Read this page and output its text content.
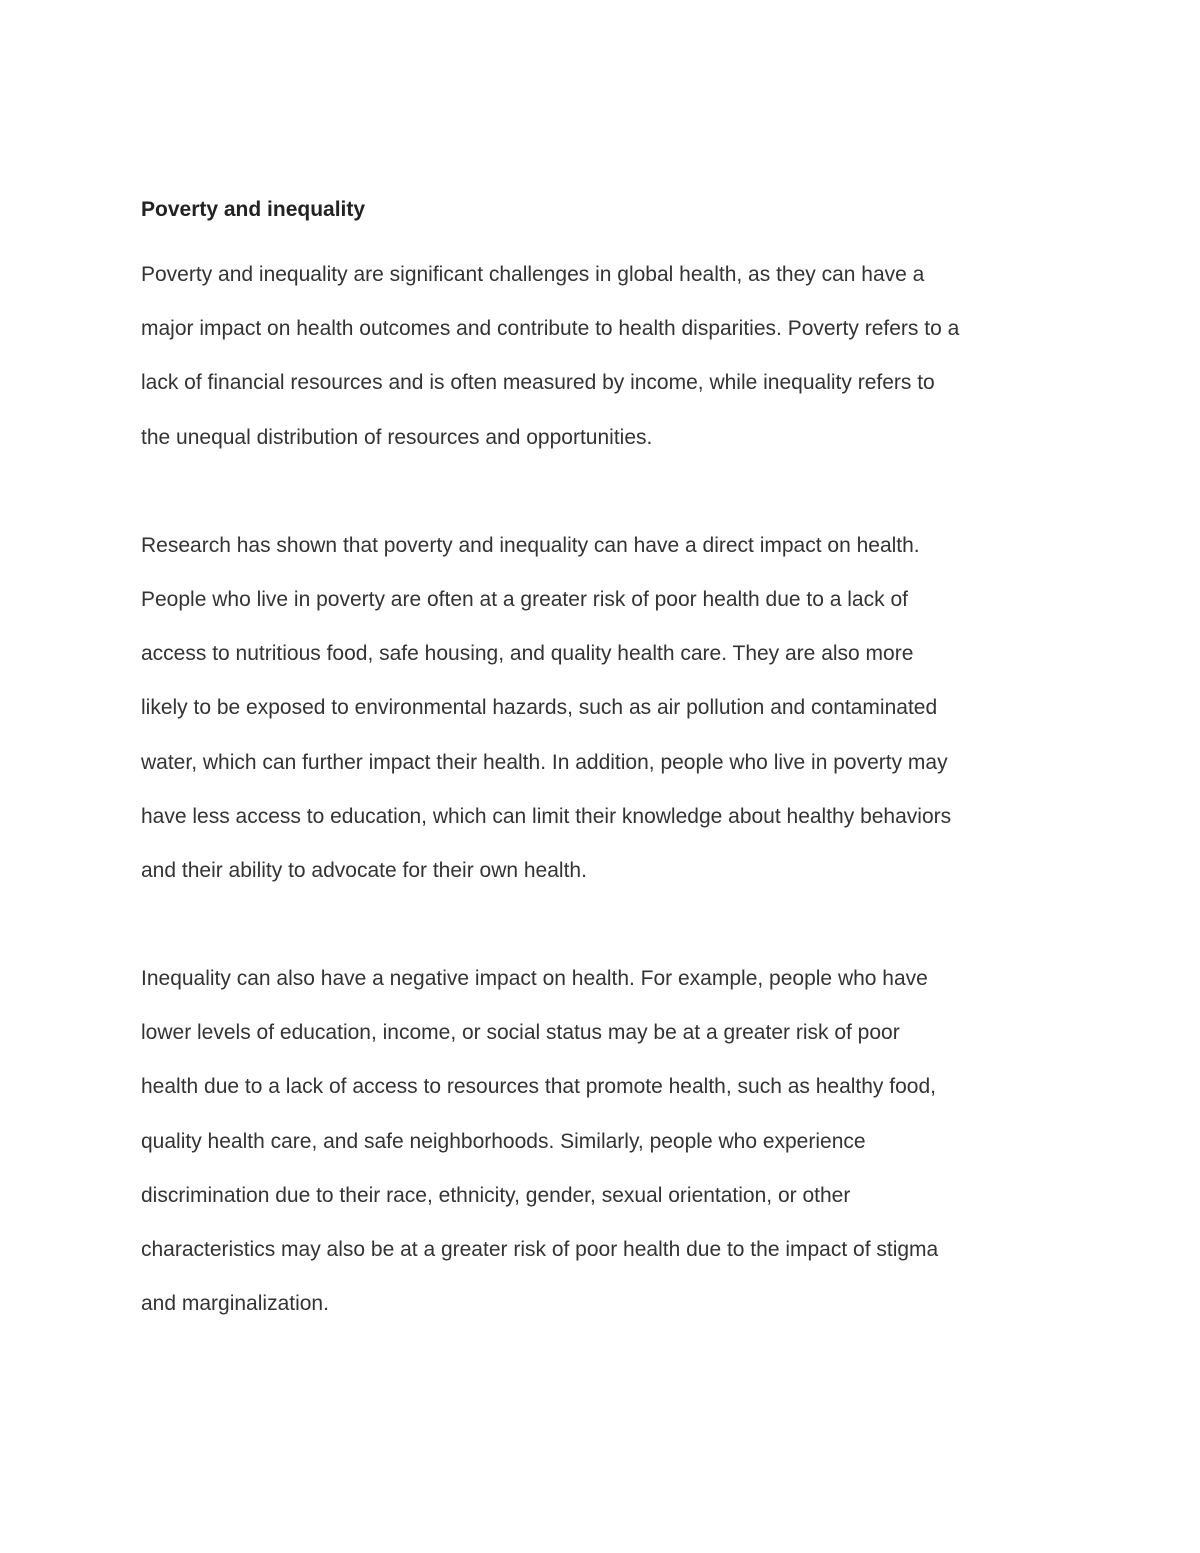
Poverty and inequality

Poverty and inequality are significant challenges in global health, as they can have a
major impact on health outcomes and contribute to health disparities. Poverty refers to a
lack of financial resources and is often measured by income, while inequality refers to
the unequal distribution of resources and opportunities.

Research has shown that poverty and inequality can have a direct impact on health.
People who live in poverty are often at a greater risk of poor health due to a lack of
access to nutritious food, safe housing, and quality health care. They are also more
likely to be exposed to environmental hazards, such as air pollution and contaminated
water, which can further impact their health. In addition, people who live in poverty may
have less access to education, which can limit their knowledge about healthy behaviors
and their ability to advocate for their own health.

Inequality can also have a negative impact on health. For example, people who have
lower levels of education, income, or social status may be at a greater risk of poor
health due to a lack of access to resources that promote health, such as healthy food,
quality health care, and safe neighborhoods. Similarly, people who experience
discrimination due to their race, ethnicity, gender, sexual orientation, or other
characteristics may also be at a greater risk of poor health due to the impact of stigma
and marginalization.
